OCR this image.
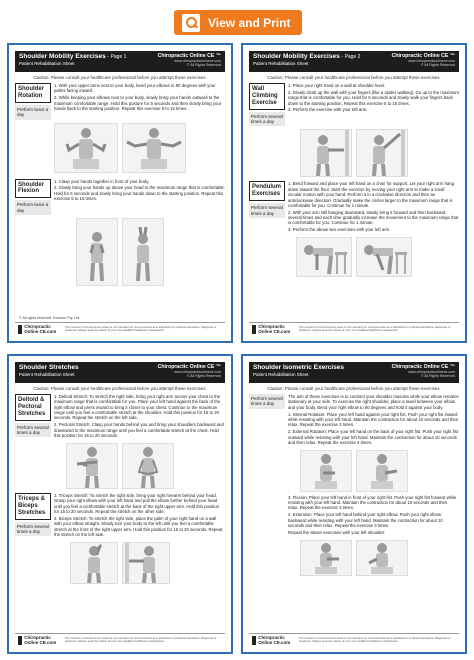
View and Print
Shoulder Mobility Exercises - Page 1
Patient Rehabilitation Sheet
Chiropractic Online CE ™
www.chiropracticonlinece.com
© All Rights Reserved
Caution: Please consult your healthcare professional before you attempt these exercises.
Shoulder Rotation
Perform twice a day

1. With your upper arms next to your body, bend your elbows to 90 degrees with your palms facing inward.

2. While keeping your elbows next to your body, slowly bring your hands outward to the maximum comfortable range. Hold this posture for 5 seconds and then slowly bring your hands back to the starting position. Repeat this exercise 5 to 15 times.

Shoulder Flexion
Perform twice a day

1. Clasp your hands together in front of your body.

2. Slowly bring your hands up above your head to the maximum range that is comfortable. Hold for 5 seconds and slowly bring your hands down to the starting position. Repeat this exercise 5 to 15 times.

© All rights reserved. Educom Pty. Ltd.
Chiropractic Online CE.com
The content on this document sheet is not intended nor recommended as a substitute for professional advice. Diagnosis or treatment. Always seek the advice of your own qualified healthcare professional.
Shoulder Mobility Exercises - Page 2
Patient Rehabilitation Sheet
Chiropractic Online CE ™
www.chiropracticonlinece.com
© All Rights Reserved
Caution: Please consult your healthcare professional before you attempt these exercises.
Wall Climbing Exercise
Perform several times a day

1. Place your right hand on a wall at shoulder level.

2. Slowly climb up the wall with your fingers (like a spider walking). Go up to the maximum range that is comfortable for you. Hold for 5 seconds and slowly walk your fingers back down to the starting position. Repeat this exercise 5 to 15 times.

3. Perform the exercise with your left arm.

Pendulum Exercises
Perform several times a day

1. Bend forward and place your left hand on a chair for support. Let your right arm hang down toward the floor. Start the exercise by moving your right arm to make a small circular motion with your hand. Perform it in a clockwise direction and then an anticlockwise direction. Gradually make the circles larger to the maximum range that is comfortable for you. Continue for 1 minute.

2. With your arm still hanging downward, slowly bring it forward and then backward several times and each time gradually increase the movement to the maximum range that is comfortable for you. Continue for 1 minute.

3. Perform the above two exercises with your left arm.

Chiropractic Online CE.com
The content on this document sheet is not intended nor recommended as a substitute for professional advice. Diagnosis or treatment. Always seek the advice of your own qualified healthcare professional.
Shoulder Stretches
Patient Rehabilitation Sheet
Chiropractic Online CE ™
www.chiropracticonlinece.com
© All Rights Reserved
Caution: Please consult your healthcare professional before you attempt these exercises.
Deltoid & Pectoral Stretches
Perform several times a day

1. Deltoid Stretch: To stretch the right side, bring your right arm across your chest to the maximum range that is comfortable for you. Place your left hand against the back of the right elbow and press inward to bring it closer to your chest. Continue to the maximum range until you feel a comfortable stretch at the shoulder. Hold this position for 15 to 20 seconds. Repeat the stretch on the left side.

2. Pectoral Stretch: Clasp your hands behind you and bring your shoulders backward and downward to the maximum range until you feel a comfortable stretch at the chest. Hold this position for 15 to 20 seconds.

Triceps & Biceps Stretches
Perform several times a day

1. Triceps Stretch: To stretch the right side, bring your right forearm behind your head. Grasp your right elbow with your left hand and pull the elbow further behind your head until you feel a comfortable stretch at the back of the right upper arm. Hold this position for 15 to 20 seconds. Repeat the stretch on the other side.

2. Biceps Stretch: To stretch the right side, place the palm of your right hand on a wall with your elbow straight. Slowly turn your body to the left until you feel a comfortable stretch at the front of the right upper arm. Hold this position for 15 to 20 seconds. Repeat the stretch on the left side.

Chiropractic Online CE.com
The content on this document sheet is not intended nor recommended as a substitute for professional advice. Diagnosis or treatment. Always seek the advice of your own qualified healthcare professional.
Shoulder Isometric Exercises
Patient Rehabilitation Sheet
Chiropractic Online CE ™
www.chiropracticonlinece.com
© All Rights Reserved
Caution: Please consult your healthcare professional before you attempt these exercises.
Perform several times a day

The aim of these exercises is to contract your shoulder muscles while your elbow remains stationary at your side. To exercise the right shoulder, place a towel between your elbow and your body. Bend your right elbow to 90 degrees and hold it against your body.

1. Internal Rotation: Place your left hand against your right fist. Push your right fist inward while resisting with your left hand. Maintain the contraction for about 10 seconds and then relax. Repeat the exercise 3 times.

2. External Rotation: Place your left hand on the back of your right fist. Push your right fist outward while resisting with your left hand. Maintain the contraction for about 10 seconds and then relax. Repeat the exercise 3 times.

3. Flexion: Place your left hand in front of your right fist. Push your right fist forward while resisting with your left hand. Maintain the contraction for about 10 seconds and then relax. Repeat the exercise 3 times.

4. Extension: Place your left hand behind your right elbow. Push your right elbow backward while resisting with your left hand. Maintain the contraction for about 10 seconds and then relax. Repeat the exercise 3 times.

Repeat the above exercises with your left shoulder.

Chiropractic Online CE.com
The content on this document sheet is not intended nor recommended as a substitute for professional advice. Diagnosis or treatment. Always seek the advice of your own qualified healthcare professional.
